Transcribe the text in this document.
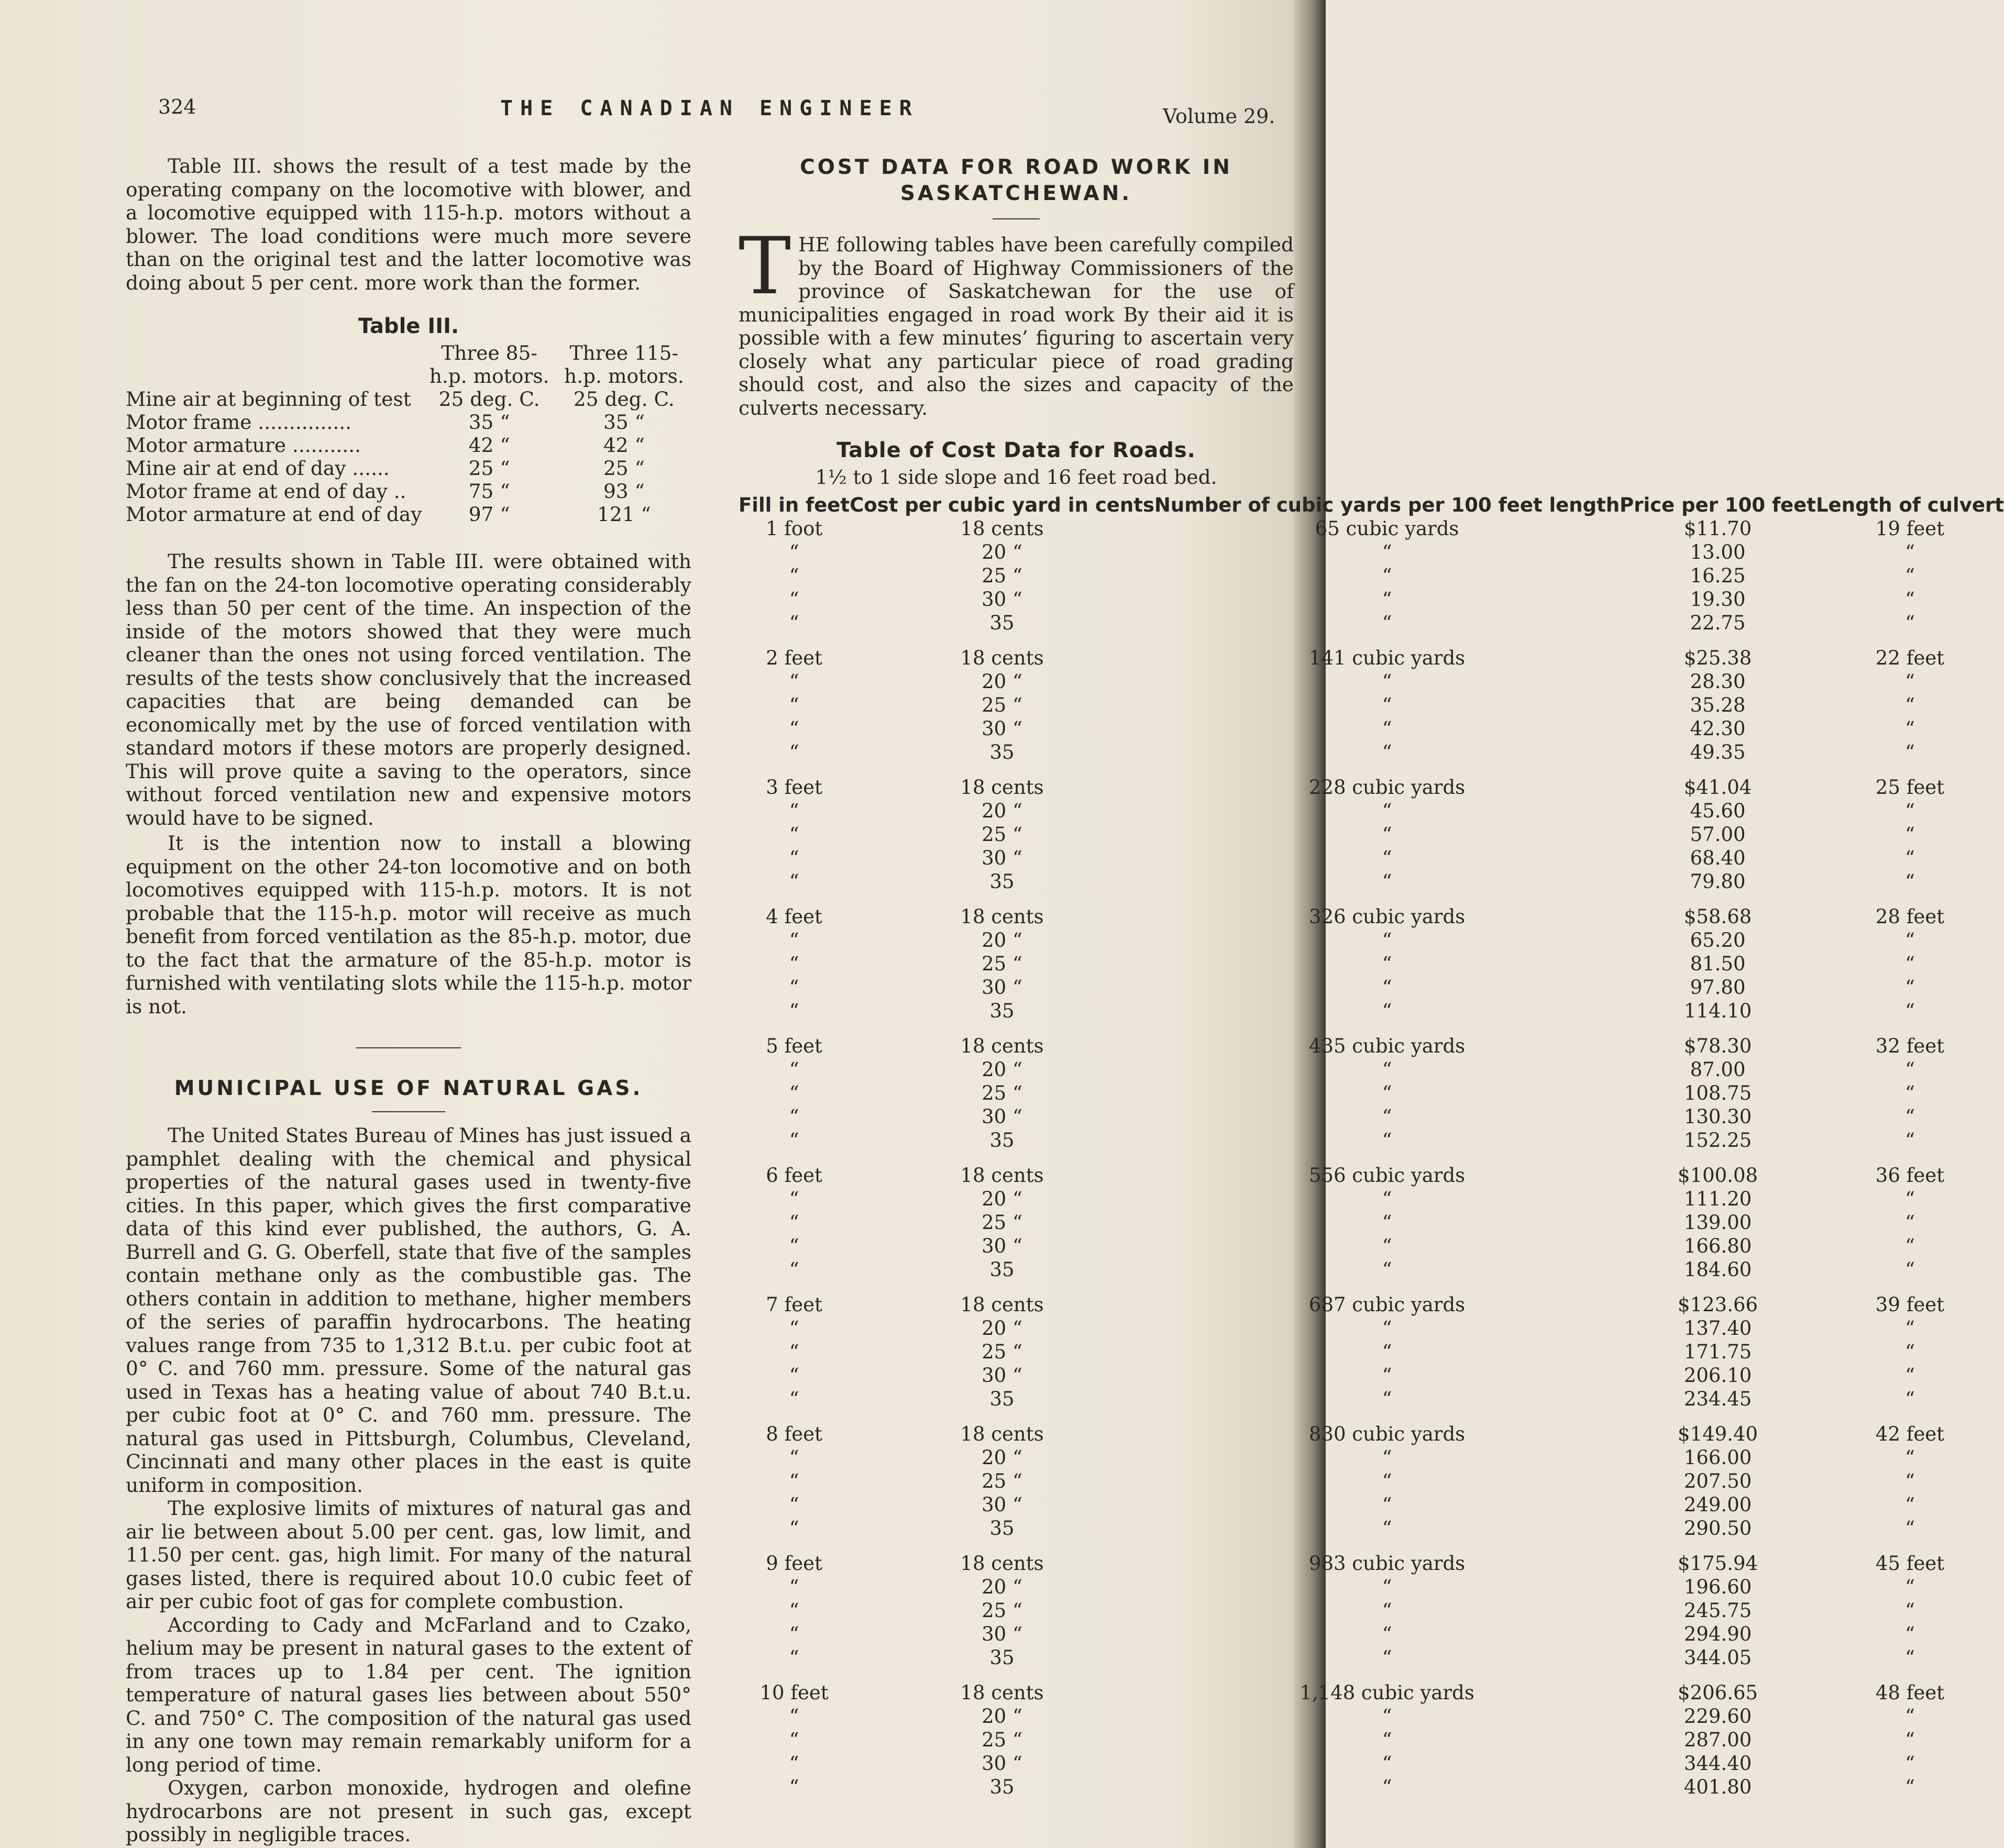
324	THE CANADIAN ENGINEER	Volume 29.

Table III. shows the result of a test made by the operating company on the locomotive with blower, and a locomotive equipped with 115-h.p. motors without a blower. The load conditions were much more severe than on the original test and the latter locomotive was doing about 5 per cent. more work than the former.

Table III.
	Three 85-	Three 115-
	h.p. motors.	h.p. motors.
Mine air at beginning of test	25 deg. C.	25 deg. C.
Motor frame ...............	35 “	35 “
Motor armature ...........	42 “	42 “
Mine air at end of day ......	25 “	25 “
Motor frame at end of day ..	75 “	93 “
Motor armature at end of day	97 “	121 “

The results shown in Table III. were obtained with the fan on the 24-ton locomotive operating considerably less than 50 per cent of the time. An inspection of the inside of the motors showed that they were much cleaner than the ones not using forced ventilation. The results of the tests show conclusively that the increased capacities that are being demanded can be economically met by the use of forced ventilation with standard motors if these motors are properly designed. This will prove quite a saving to the operators, since without forced ventilation new and expensive motors would have to be signed.

It is the intention now to install a blowing equipment on the other 24-ton locomotive and on both locomotives equipped with 115-h.p. motors. It is not probable that the 115-h.p. motor will receive as much benefit from forced ventilation as the 85-h.p. motor, due to the fact that the armature of the 85-h.p. motor is furnished with ventilating slots while the 115-h.p. motor is not.

MUNICIPAL USE OF NATURAL GAS.

The United States Bureau of Mines has just issued a pamphlet dealing with the chemical and physical properties of the natural gases used in twenty-five cities. In this paper, which gives the first comparative data of this kind ever published, the authors, G. A. Burrell and G. G. Oberfell, state that five of the samples contain methane only as the combustible gas. The others contain in addition to methane, higher members of the series of paraffin hydrocarbons. The heating values range from 735 to 1,312 B.t.u. per cubic foot at 0° C. and 760 mm. pressure. Some of the natural gas used in Texas has a heating value of about 740 B.t.u. per cubic foot at 0° C. and 760 mm. pressure. The natural gas used in Pittsburgh, Columbus, Cleveland, Cincinnati and many other places in the east is quite uniform in composition.

The explosive limits of mixtures of natural gas and air lie between about 5.00 per cent. gas, low limit, and 11.50 per cent. gas, high limit. For many of the natural gases listed, there is required about 10.0 cubic feet of air per cubic foot of gas for complete combustion.

According to Cady and McFarland and to Czako, helium may be present in natural gases to the extent of from traces up to 1.84 per cent. The ignition temperature of natural gases lies between about 550° C. and 750° C. The composition of the natural gas used in any one town may remain remarkably uniform for a long period of time.

Oxygen, carbon monoxide, hydrogen and olefine hydrocarbons are not present in such gas, except possibly in negligible traces.

COST DATA FOR ROAD WORK IN SASKATCHEWAN.
T HE following tables have been carefully compiled by the Board of Highway Commissioners of the province of Saskatchewan for the use of municipalities engaged in road work By their aid it is possible with a few minutes’ figuring to ascertain very closely what any particular piece of road grading should cost, and also the sizes and capacity of the culverts necessary.

Table of Cost Data for Roads.

1½ to 1 side slope and 16 feet road bed.

Fill in feet	Cost per cubic yard in cents	Number of cubic yards per 100 feet length	Price per 100 feet	Length of culvert
1 foot	18 cents	65 cubic yards	$11.70	19 feet
“	20 “	“	13.00	“
“	25 “	“	16.25	“
“	30 “	“	19.30	“
“	35	“	22.75	“

2 feet	18 cents	141 cubic yards	$25.38	22 feet
“	20 “	“	28.30	“
“	25 “	“	35.28	“
“	30 “	“	42.30	“
“	35	“	49.35	“

3 feet	18 cents	228 cubic yards	$41.04	25 feet
“	20 “	“	45.60	“
“	25 “	“	57.00	“
“	30 “	“	68.40	“
“	35	“	79.80	“

4 feet	18 cents	326 cubic yards	$58.68	28 feet
“	20 “	“	65.20	“
“	25 “	“	81.50	“
“	30 “	“	97.80	“
“	35	“	114.10	“

5 feet	18 cents	435 cubic yards	$78.30	32 feet
“	20 “	“	87.00	“
“	25 “	“	108.75	“
“	30 “	“	130.30	“
“	35	“	152.25	“

6 feet	18 cents	556 cubic yards	$100.08	36 feet
“	20 “	“	111.20	“
“	25 “	“	139.00	“
“	30 “	“	166.80	“
“	35	“	184.60	“

7 feet	18 cents	687 cubic yards	$123.66	39 feet
“	20 “	“	137.40	“
“	25 “	“	171.75	“
“	30 “	“	206.10	“
“	35	“	234.45	“

8 feet	18 cents	830 cubic yards	$149.40	42 feet
“	20 “	“	166.00	“
“	25 “	“	207.50	“
“	30 “	“	249.00	“
“	35	“	290.50	“

9 feet	18 cents	983 cubic yards	$175.94	45 feet
“	20 “	“	196.60	“
“	25 “	“	245.75	“
“	30 “	“	294.90	“
“	35	“	344.05	“

10 feet	18 cents	1,148 cubic yards	$206.65	48 feet
“	20 “	“	229.60	“
“	25 “	“	287.00	“
“	30 “	“	344.40	“
“	35	“	401.80	“
